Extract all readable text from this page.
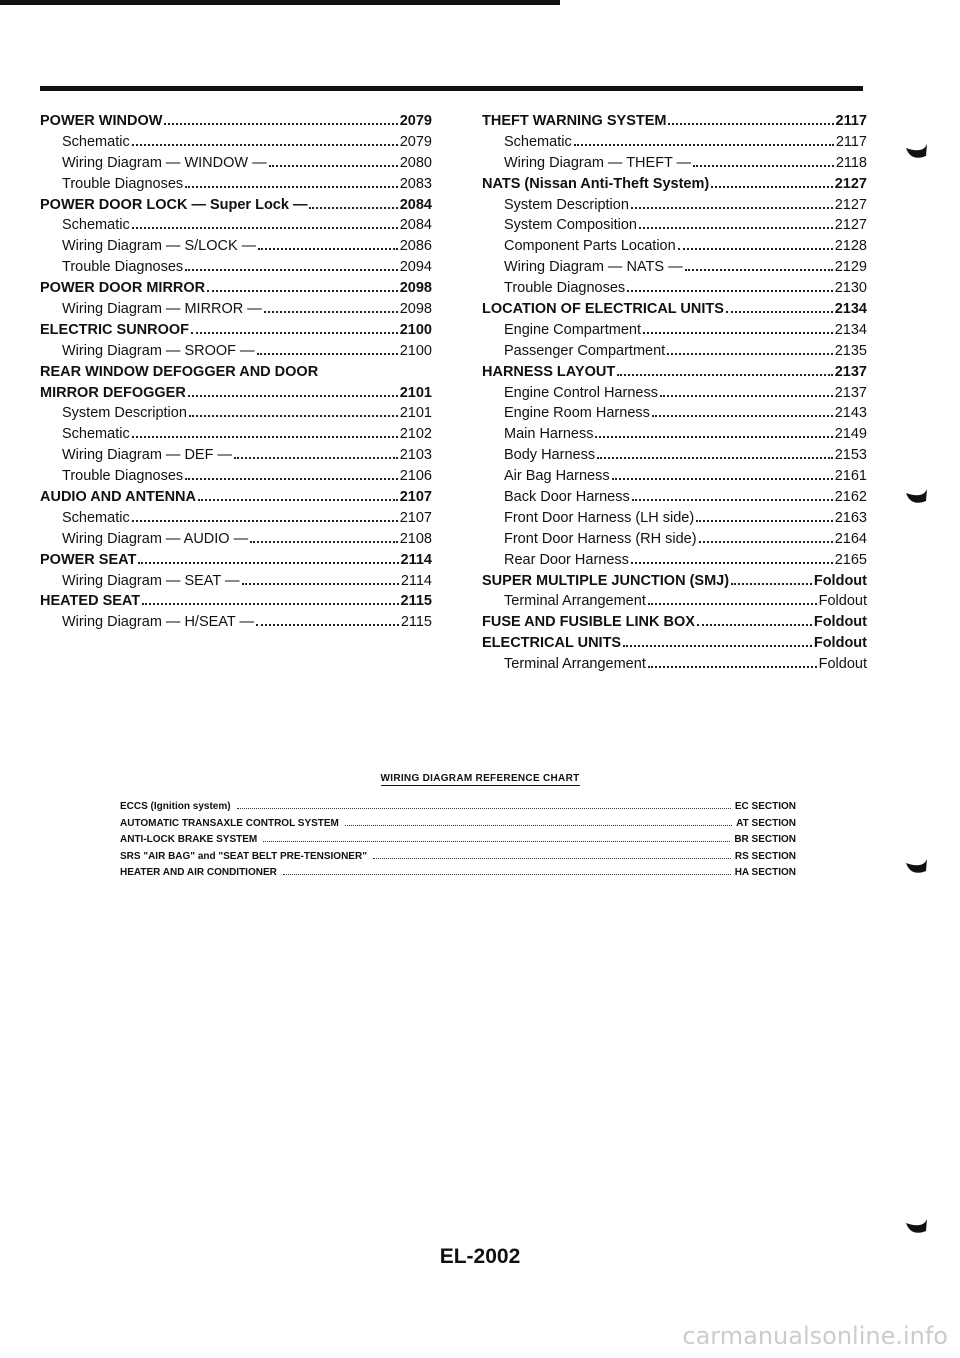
POWER WINDOW	2079
Schematic	2079
Wiring Diagram — WINDOW —	2080
Trouble Diagnoses	2083
POWER DOOR LOCK — Super Lock —	2084
Schematic	2084
Wiring Diagram — S/LOCK —	2086
Trouble Diagnoses	2094
POWER DOOR MIRROR	2098
Wiring Diagram — MIRROR —	2098
ELECTRIC SUNROOF	2100
Wiring Diagram — SROOF —	2100
REAR WINDOW DEFOGGER AND DOOR
MIRROR DEFOGGER	2101
System Description	2101
Schematic	2102
Wiring Diagram — DEF —	2103
Trouble Diagnoses	2106
AUDIO AND ANTENNA	2107
Schematic	2107
Wiring Diagram — AUDIO —	2108
POWER SEAT	2114
Wiring Diagram — SEAT —	2114
HEATED SEAT	2115
Wiring Diagram — H/SEAT —	2115
THEFT WARNING SYSTEM	2117
Schematic	2117
Wiring Diagram — THEFT —	2118
NATS (Nissan Anti-Theft System)	2127
System Description	2127
System Composition	2127
Component Parts Location	2128
Wiring Diagram — NATS —	2129
Trouble Diagnoses	2130
LOCATION OF ELECTRICAL UNITS	2134
Engine Compartment	2134
Passenger Compartment	2135
HARNESS LAYOUT	2137
Engine Control Harness	2137
Engine Room Harness	2143
Main Harness	2149
Body Harness	2153
Air Bag Harness	2161
Back Door Harness	2162
Front Door Harness (LH side)	2163
Front Door Harness (RH side)	2164
Rear Door Harness	2165
SUPER MULTIPLE JUNCTION (SMJ)	Foldout
Terminal Arrangement	Foldout
FUSE AND FUSIBLE LINK BOX	Foldout
ELECTRICAL UNITS	Foldout
Terminal Arrangement	Foldout
WIRING DIAGRAM REFERENCE CHART
ECCS (Ignition system)	EC SECTION
AUTOMATIC TRANSAXLE CONTROL SYSTEM	AT SECTION
ANTI-LOCK BRAKE SYSTEM	BR SECTION
SRS "AIR BAG" and "SEAT BELT PRE-TENSIONER"	RS SECTION
HEATER AND AIR CONDITIONER	HA SECTION
EL-2002
carmanualsonline.info
